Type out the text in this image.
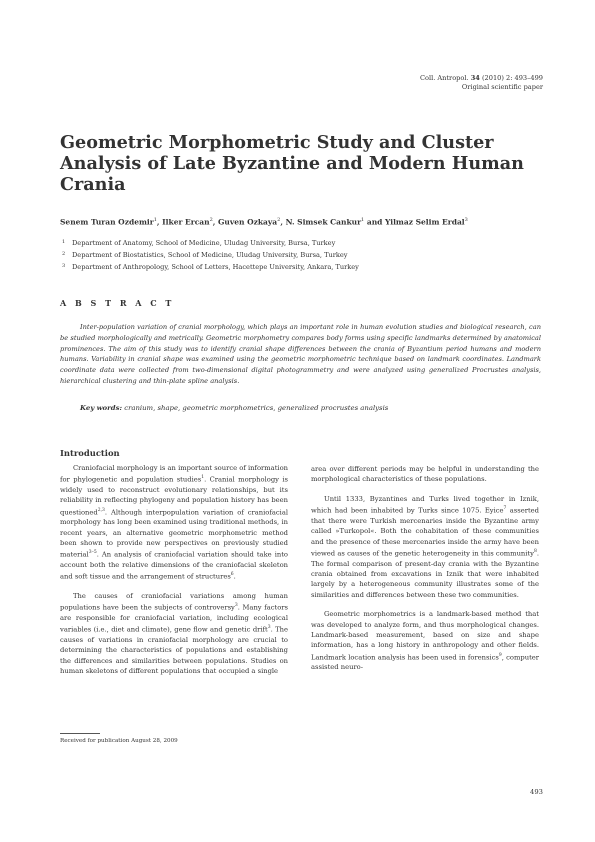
Coll. Antropol. 34 (2010) 2: 493–499
Original scientific paper
Geometric Morphometric Study and Cluster Analysis of Late Byzantine and Modern Human Crania
Senem Turan Ozdemir$^1$, Ilker Ercan$^2$, Guven Ozkaya$^2$, N. Simsek Cankur$^1$ and Yilmaz Selim Erdal$^3$
$^1$ Department of Anatomy, School of Medicine, Uludag University, Bursa, Turkey
$^2$ Department of Biostatistics, School of Medicine, Uludag University, Bursa, Turkey
$^3$ Department of Anthropology, School of Letters, Hacettepe University, Ankara, Turkey
A B S T R A C T

Inter-population variation of cranial morphology, which plays an important role in human evolution studies and biological research, can be studied morphologically and metrically. Geometric morphometry compares body forms using specific landmarks determined by anatomical prominences. The aim of this study was to identify cranial shape differences between the crania of Byzantium period humans and modern humans. Variability in cranial shape was examined using the geometric morphometric technique based on landmark coordinates. Landmark coordinate data were collected from two-dimensional digital photogrammetry and were analyzed using generalized Procrustes analysis, hierarchical clustering and thin-plate spline analysis.

Key words: cranium, shape, geometric morphometrics, generalized procrustes analysis
Introduction

Craniofacial morphology is an important source of information for phylogenetic and population studies$^1$. Cranial morphology is widely used to reconstruct evolutionary relationships, but its reliability in reflecting phylogeny and population history has been questioned$^{2,3}$. Although interpopulation variation of craniofacial morphology has long been examined using traditional methods, in recent years, an alternative geometric morphometric method been shown to provide new perspectives on previously studied material$^{3-5}$. An analysis of craniofacial variation should take into account both the relative dimensions of the craniofacial skeleton and soft tissue and the arrangement of structures$^6$.

The causes of craniofacial variations among human populations have been the subjects of controversy$^3$. Many factors are responsible for craniofacial variation, including ecological variables (i.e., diet and climate), gene flow and genetic drift$^3$. The causes of variations in craniofacial morphology are crucial to determining the characteristics of populations and establishing the differences and similarities between populations. Studies on human skeletons of different populations that occupied a single

area over different periods may be helpful in understanding the morphological characteristics of these populations.

Until 1333, Byzantines and Turks lived together in Iznik, which had been inhabited by Turks since 1075. Eyice$^7$ asserted that there were Turkish mercenaries inside the Byzantine army called »Turkopol«. Both the cohabitation of these communities and the presence of these mercenaries inside the army have been viewed as causes of the genetic heterogeneity in this community$^8$. The formal comparison of present-day crania with the Byzantine crania obtained from excavations in Iznik that were inhabited largely by a heterogeneous community illustrates some of the similarities and differences between these two communities.

Geometric morphometrics is a landmark-based method that was developed to analyze form, and thus morphological changes. Landmark-based measurement, based on size and shape information, has a long history in anthropology and other fields. Landmark location analysis has been used in forensics$^9$, computer assisted neuro-

Received for publication August 28, 2009
493
